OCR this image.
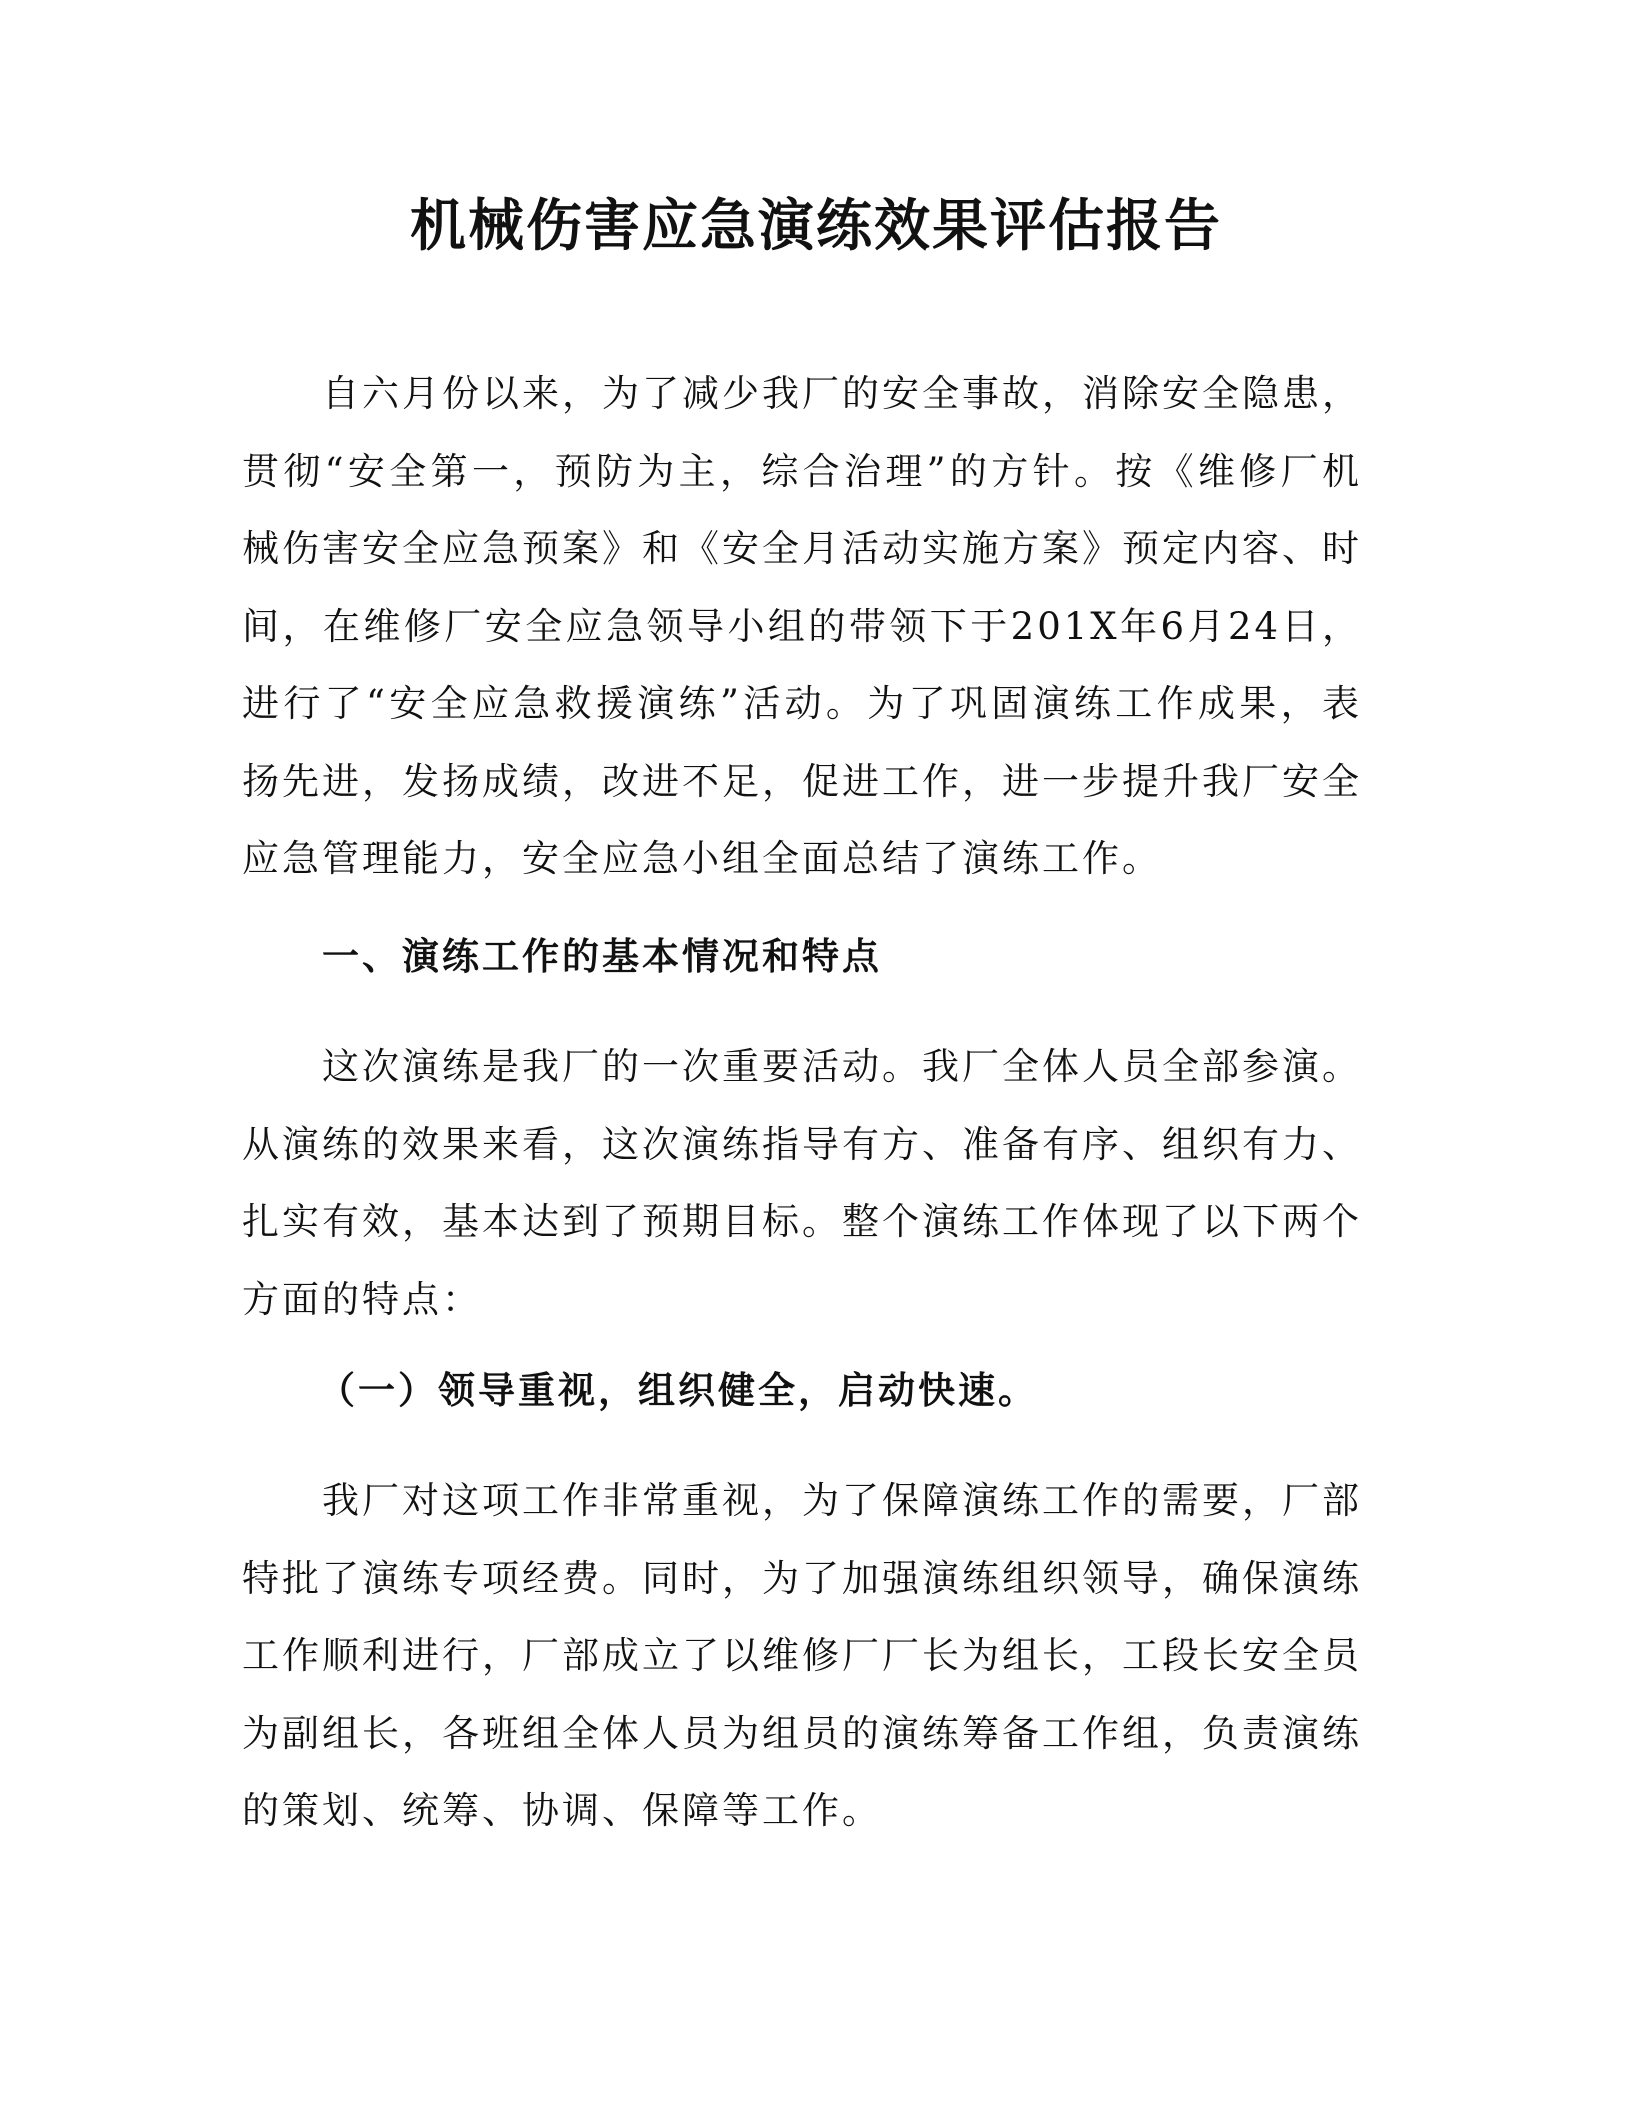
机械伤害应急演练效果评估报告

自六月份以来，为了减少我厂的安全事故，消除安全隐患，贯彻“安全第一，预防为主，综合治理”的方针。按《维修厂机械伤害安全应急预案》和《安全月活动实施方案》预定内容、时间，在维修厂安全应急领导小组的带领下于201X年6月24日，进行了“安全应急救援演练”活动。为了巩固演练工作成果，表扬先进，发扬成绩，改进不足，促进工作，进一步提升我厂安全应急管理能力，安全应急小组全面总结了演练工作。

一、演练工作的基本情况和特点

这次演练是我厂的一次重要活动。我厂全体人员全部参演。从演练的效果来看，这次演练指导有方、准备有序、组织有力、扎实有效，基本达到了预期目标。整个演练工作体现了以下两个方面的特点：

（一）领导重视，组织健全，启动快速。

我厂对这项工作非常重视，为了保障演练工作的需要，厂部特批了演练专项经费。同时，为了加强演练组织领导，确保演练工作顺利进行，厂部成立了以维修厂厂长为组长，工段长安全员为副组长，各班组全体人员为组员的演练筹备工作组，负责演练的策划、统筹、协调、保障等工作。
